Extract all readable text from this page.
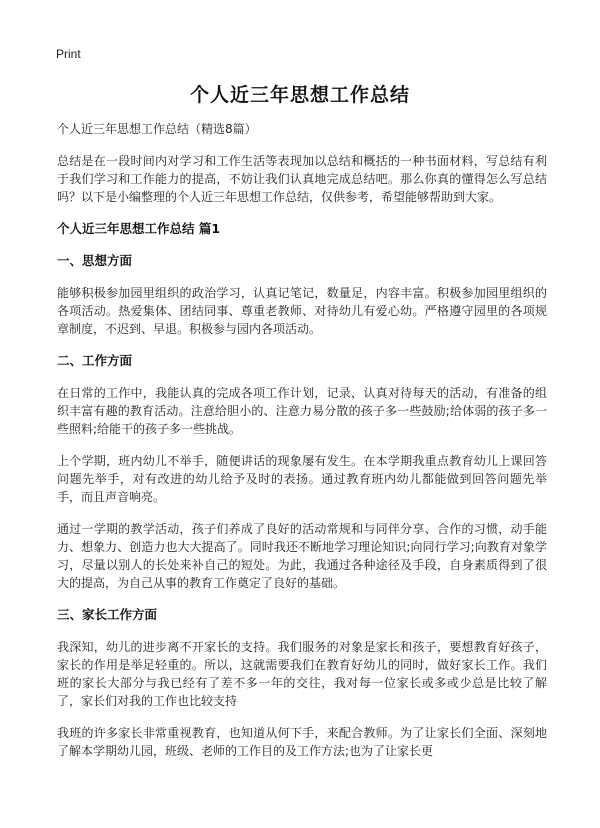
Print
个人近三年思想工作总结
个人近三年思想工作总结（精选8篇）

总结是在一段时间内对学习和工作生活等表现加以总结和概括的一种书面材料，写总结有利于我们学习和工作能力的提高，不妨让我们认真地完成总结吧。那么你真的懂得怎么写总结吗？以下是小编整理的个人近三年思想工作总结，仅供参考，希望能够帮助到大家。

个人近三年思想工作总结 篇1
一、思想方面

能够积极参加园里组织的政治学习，认真记笔记，数量足，内容丰富。积极参加园里组织的各项活动。热爱集体、团结同事、尊重老教师、对待幼儿有爱心幼。严格遵守园里的各项规章制度，不迟到、早退。积极参与园内各项活动。

二、工作方面

在日常的工作中，我能认真的完成各项工作计划，记录，认真对待每天的活动，有准备的组织丰富有趣的教育活动。注意给胆小的、注意力易分散的孩子多一些鼓励;给体弱的孩子多一些照料;给能干的孩子多一些挑战。

上个学期，班内幼儿不举手，随便讲话的现象屡有发生。在本学期我重点教育幼儿上课回答问题先举手，对有改进的幼儿给予及时的表扬。通过教育班内幼儿都能做到回答问题先举手，而且声音响亮。

通过一学期的教学活动，孩子们养成了良好的活动常规和与同伴分享、合作的习惯，动手能力、想象力、创造力也大大提高了。同时我还不断地学习理论知识;向同行学习;向教育对象学习，尽量以别人的长处来补自己的短处。为此，我通过各种途径及手段，自身素质得到了很大的提高，为自己从事的教育工作奠定了良好的基础。

三、家长工作方面

我深知，幼儿的进步离不开家长的支持。我们服务的对象是家长和孩子，要想教育好孩子，家长的作用是举足轻重的。所以，这就需要我们在教育好幼儿的同时，做好家长工作。我们班的家长大部分与我已经有了差不多一年的交往，我对每一位家长或多或少总是比较了解了，家长们对我的工作也比较支持

我班的许多家长非常重视教育，也知道从何下手，来配合教师。为了让家长们全面、深刻地了解本学期幼儿园，班级、老师的工作目的及工作方法;也为了让家长更
